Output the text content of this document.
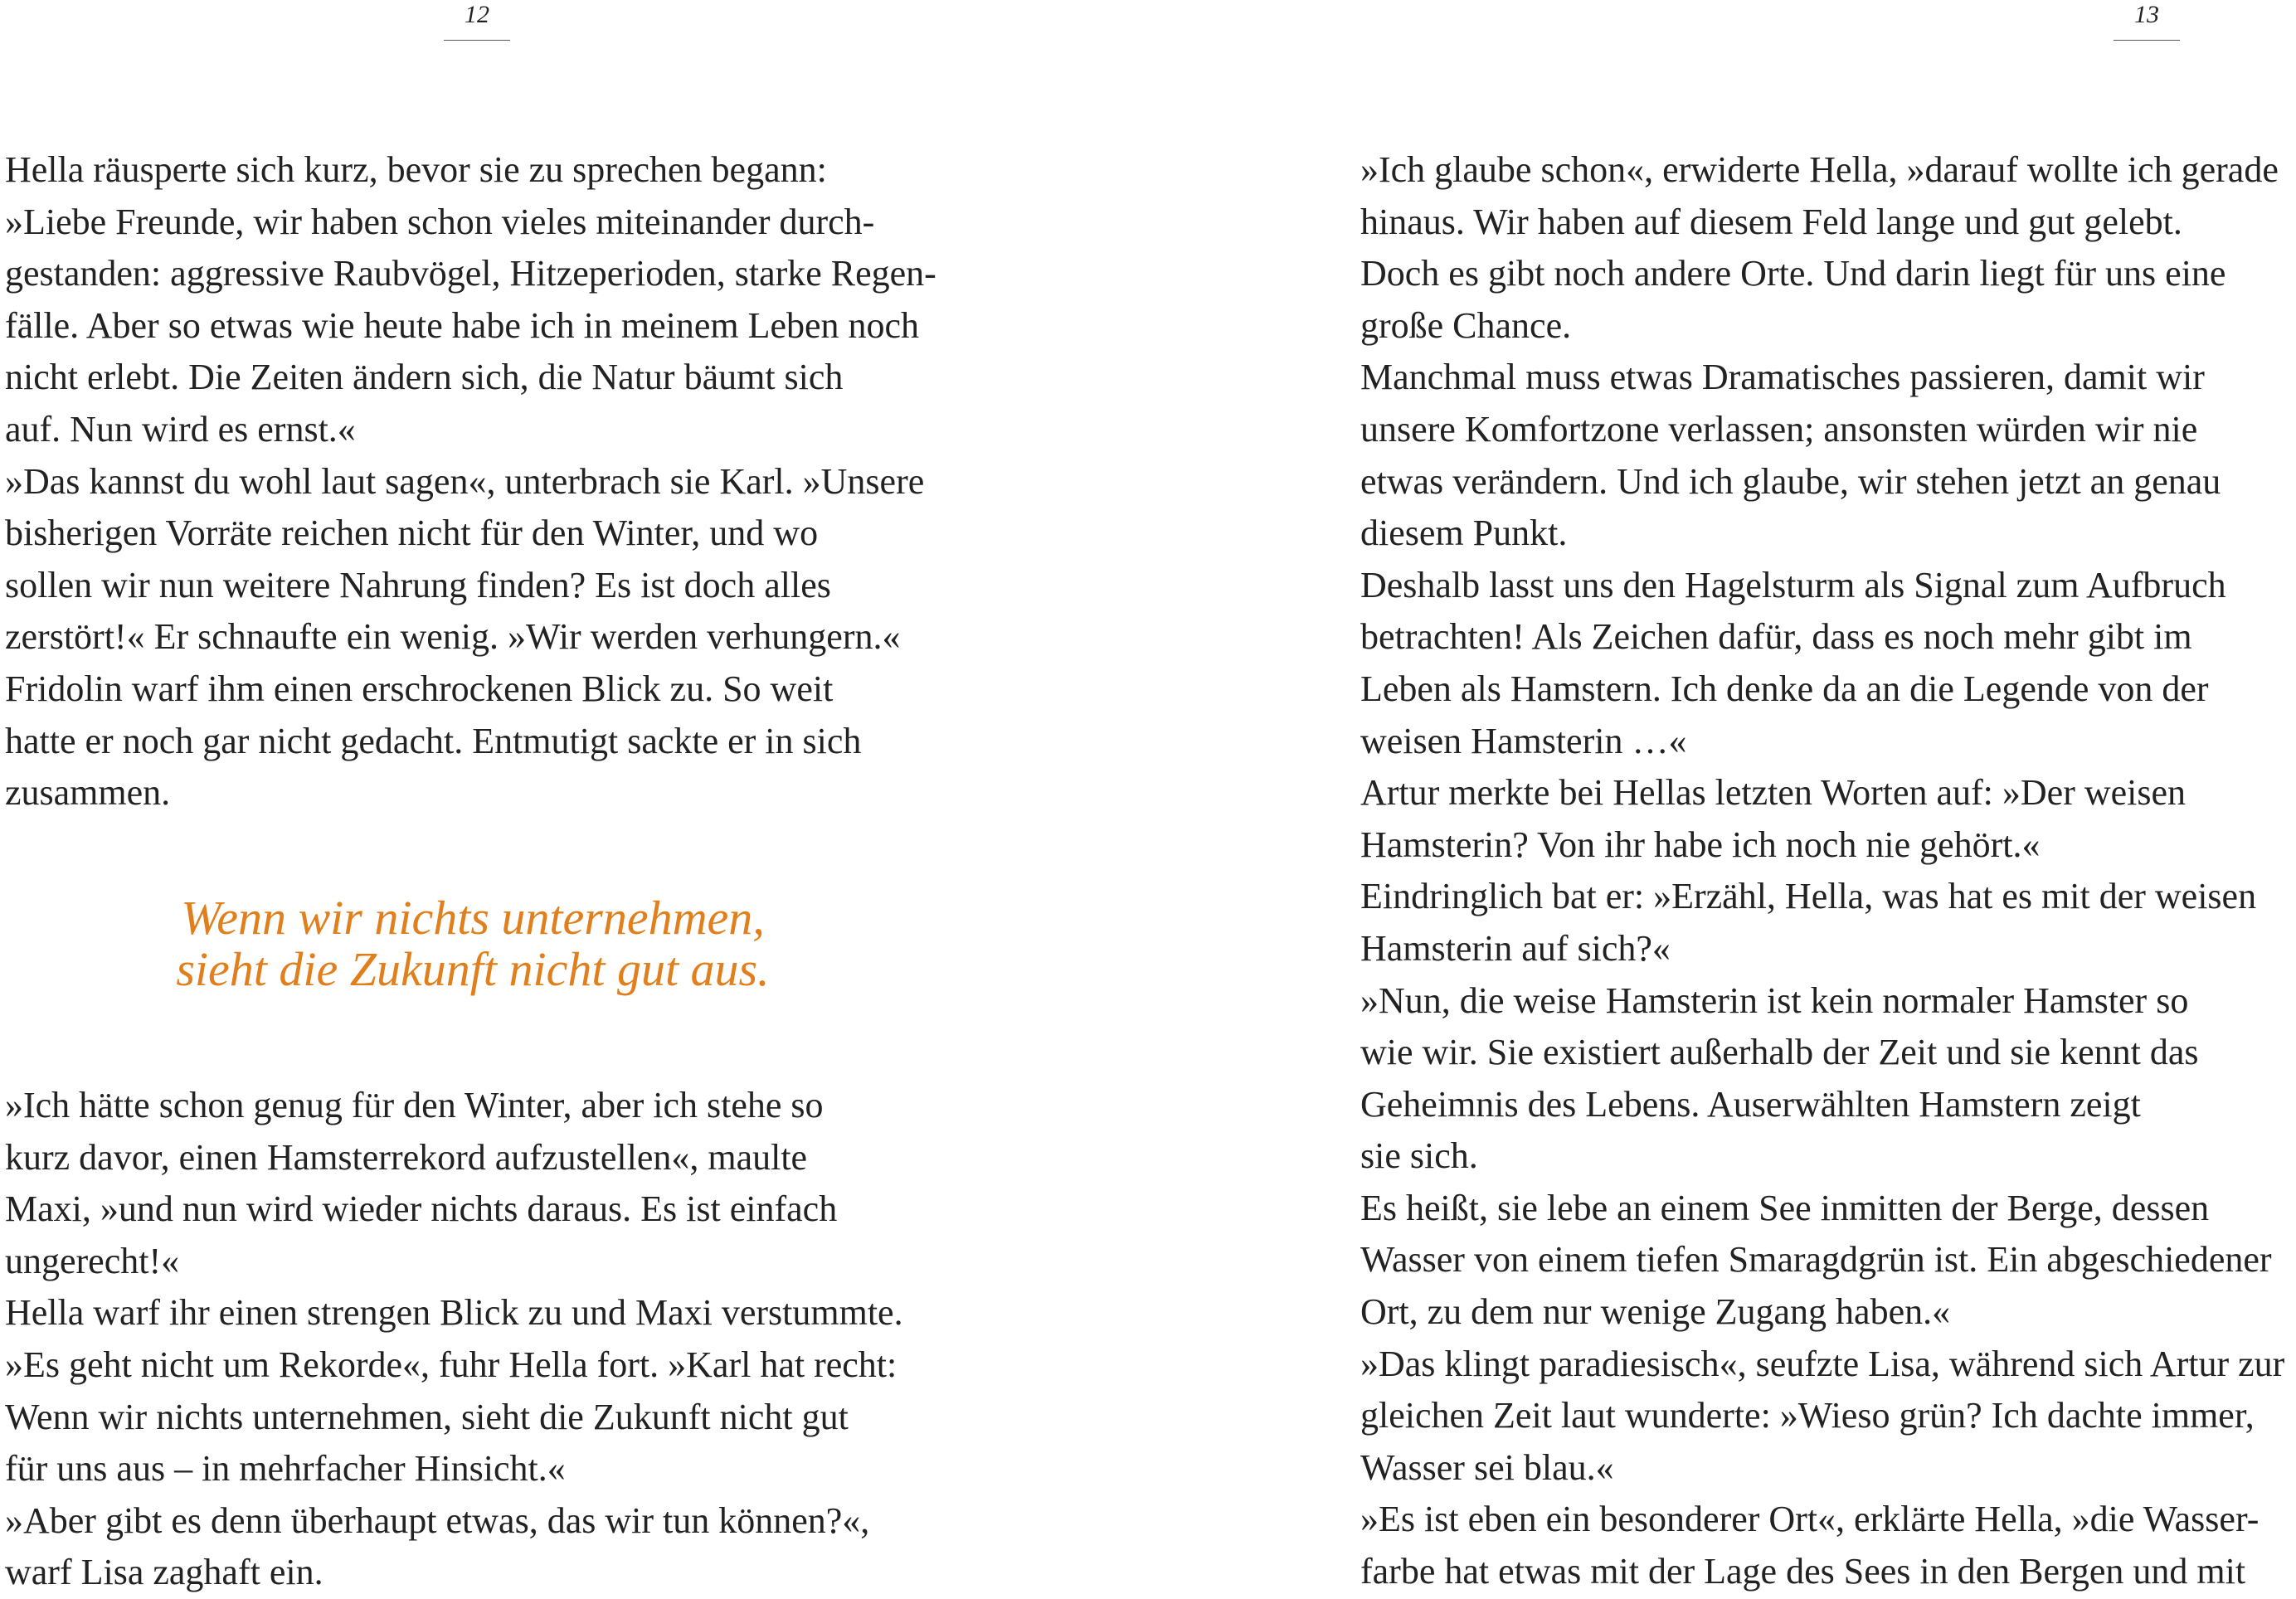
12
Hella räusperte sich kurz, bevor sie zu sprechen begann:
»Liebe Freunde, wir haben schon vieles miteinander durch-
gestanden: aggressive Raubvögel, Hitzeperioden, starke Regen-
fälle. Aber so etwas wie heute habe ich in meinem Leben noch
nicht erlebt. Die Zeiten ändern sich, die Natur bäumt sich
auf. Nun wird es ernst.«
»Das kannst du wohl laut sagen«, unterbrach sie Karl. »Unsere
bisherigen Vorräte reichen nicht für den Winter, und wo
sollen wir nun weitere Nahrung finden? Es ist doch alles
zerstört!« Er schnaufte ein wenig. »Wir werden verhungern.«
Fridolin warf ihm einen erschrockenen Blick zu. So weit
hatte er noch gar nicht gedacht. Entmutigt sackte er in sich
zusammen.
Wenn wir nichts unternehmen,
sieht die Zukunft nicht gut aus.
»Ich hätte schon genug für den Winter, aber ich stehe so
kurz davor, einen Hamsterrekord aufzustellen«, maulte
Maxi, »und nun wird wieder nichts daraus. Es ist einfach
ungerecht!«
Hella warf ihr einen strengen Blick zu und Maxi verstummte.
»Es geht nicht um Rekorde«, fuhr Hella fort. »Karl hat recht:
Wenn wir nichts unternehmen, sieht die Zukunft nicht gut
für uns aus – in mehrfacher Hinsicht.«
»Aber gibt es denn überhaupt etwas, das wir tun können?«,
warf Lisa zaghaft ein.
13
»Ich glaube schon«, erwiderte Hella, »darauf wollte ich gerade
hinaus. Wir haben auf diesem Feld lange und gut gelebt.
Doch es gibt noch andere Orte. Und darin liegt für uns eine
große Chance.
Manchmal muss etwas Dramatisches passieren, damit wir
unsere Komfortzone verlassen; ansonsten würden wir nie
etwas verändern. Und ich glaube, wir stehen jetzt an genau
diesem Punkt.
Deshalb lasst uns den Hagelsturm als Signal zum Aufbruch
betrachten! Als Zeichen dafür, dass es noch mehr gibt im
Leben als Hamstern. Ich denke da an die Legende von der
weisen Hamsterin …«
Artur merkte bei Hellas letzten Worten auf: »Der weisen
Hamsterin? Von ihr habe ich noch nie gehört.«
Eindringlich bat er: »Erzähl, Hella, was hat es mit der weisen
Hamsterin auf sich?«
»Nun, die weise Hamsterin ist kein normaler Hamster so
wie wir. Sie existiert außerhalb der Zeit und sie kennt das
Geheimnis des Lebens. Auserwählten Hamstern zeigt
sie sich.
Es heißt, sie lebe an einem See inmitten der Berge, dessen
Wasser von einem tiefen Smaragdgrün ist. Ein abgeschiedener
Ort, zu dem nur wenige Zugang haben.«
»Das klingt paradiesisch«, seufzte Lisa, während sich Artur zur
gleichen Zeit laut wunderte: »Wieso grün? Ich dachte immer,
Wasser sei blau.«
»Es ist eben ein besonderer Ort«, erklärte Hella, »die Wasser-
farbe hat etwas mit der Lage des Sees in den Bergen und mit
